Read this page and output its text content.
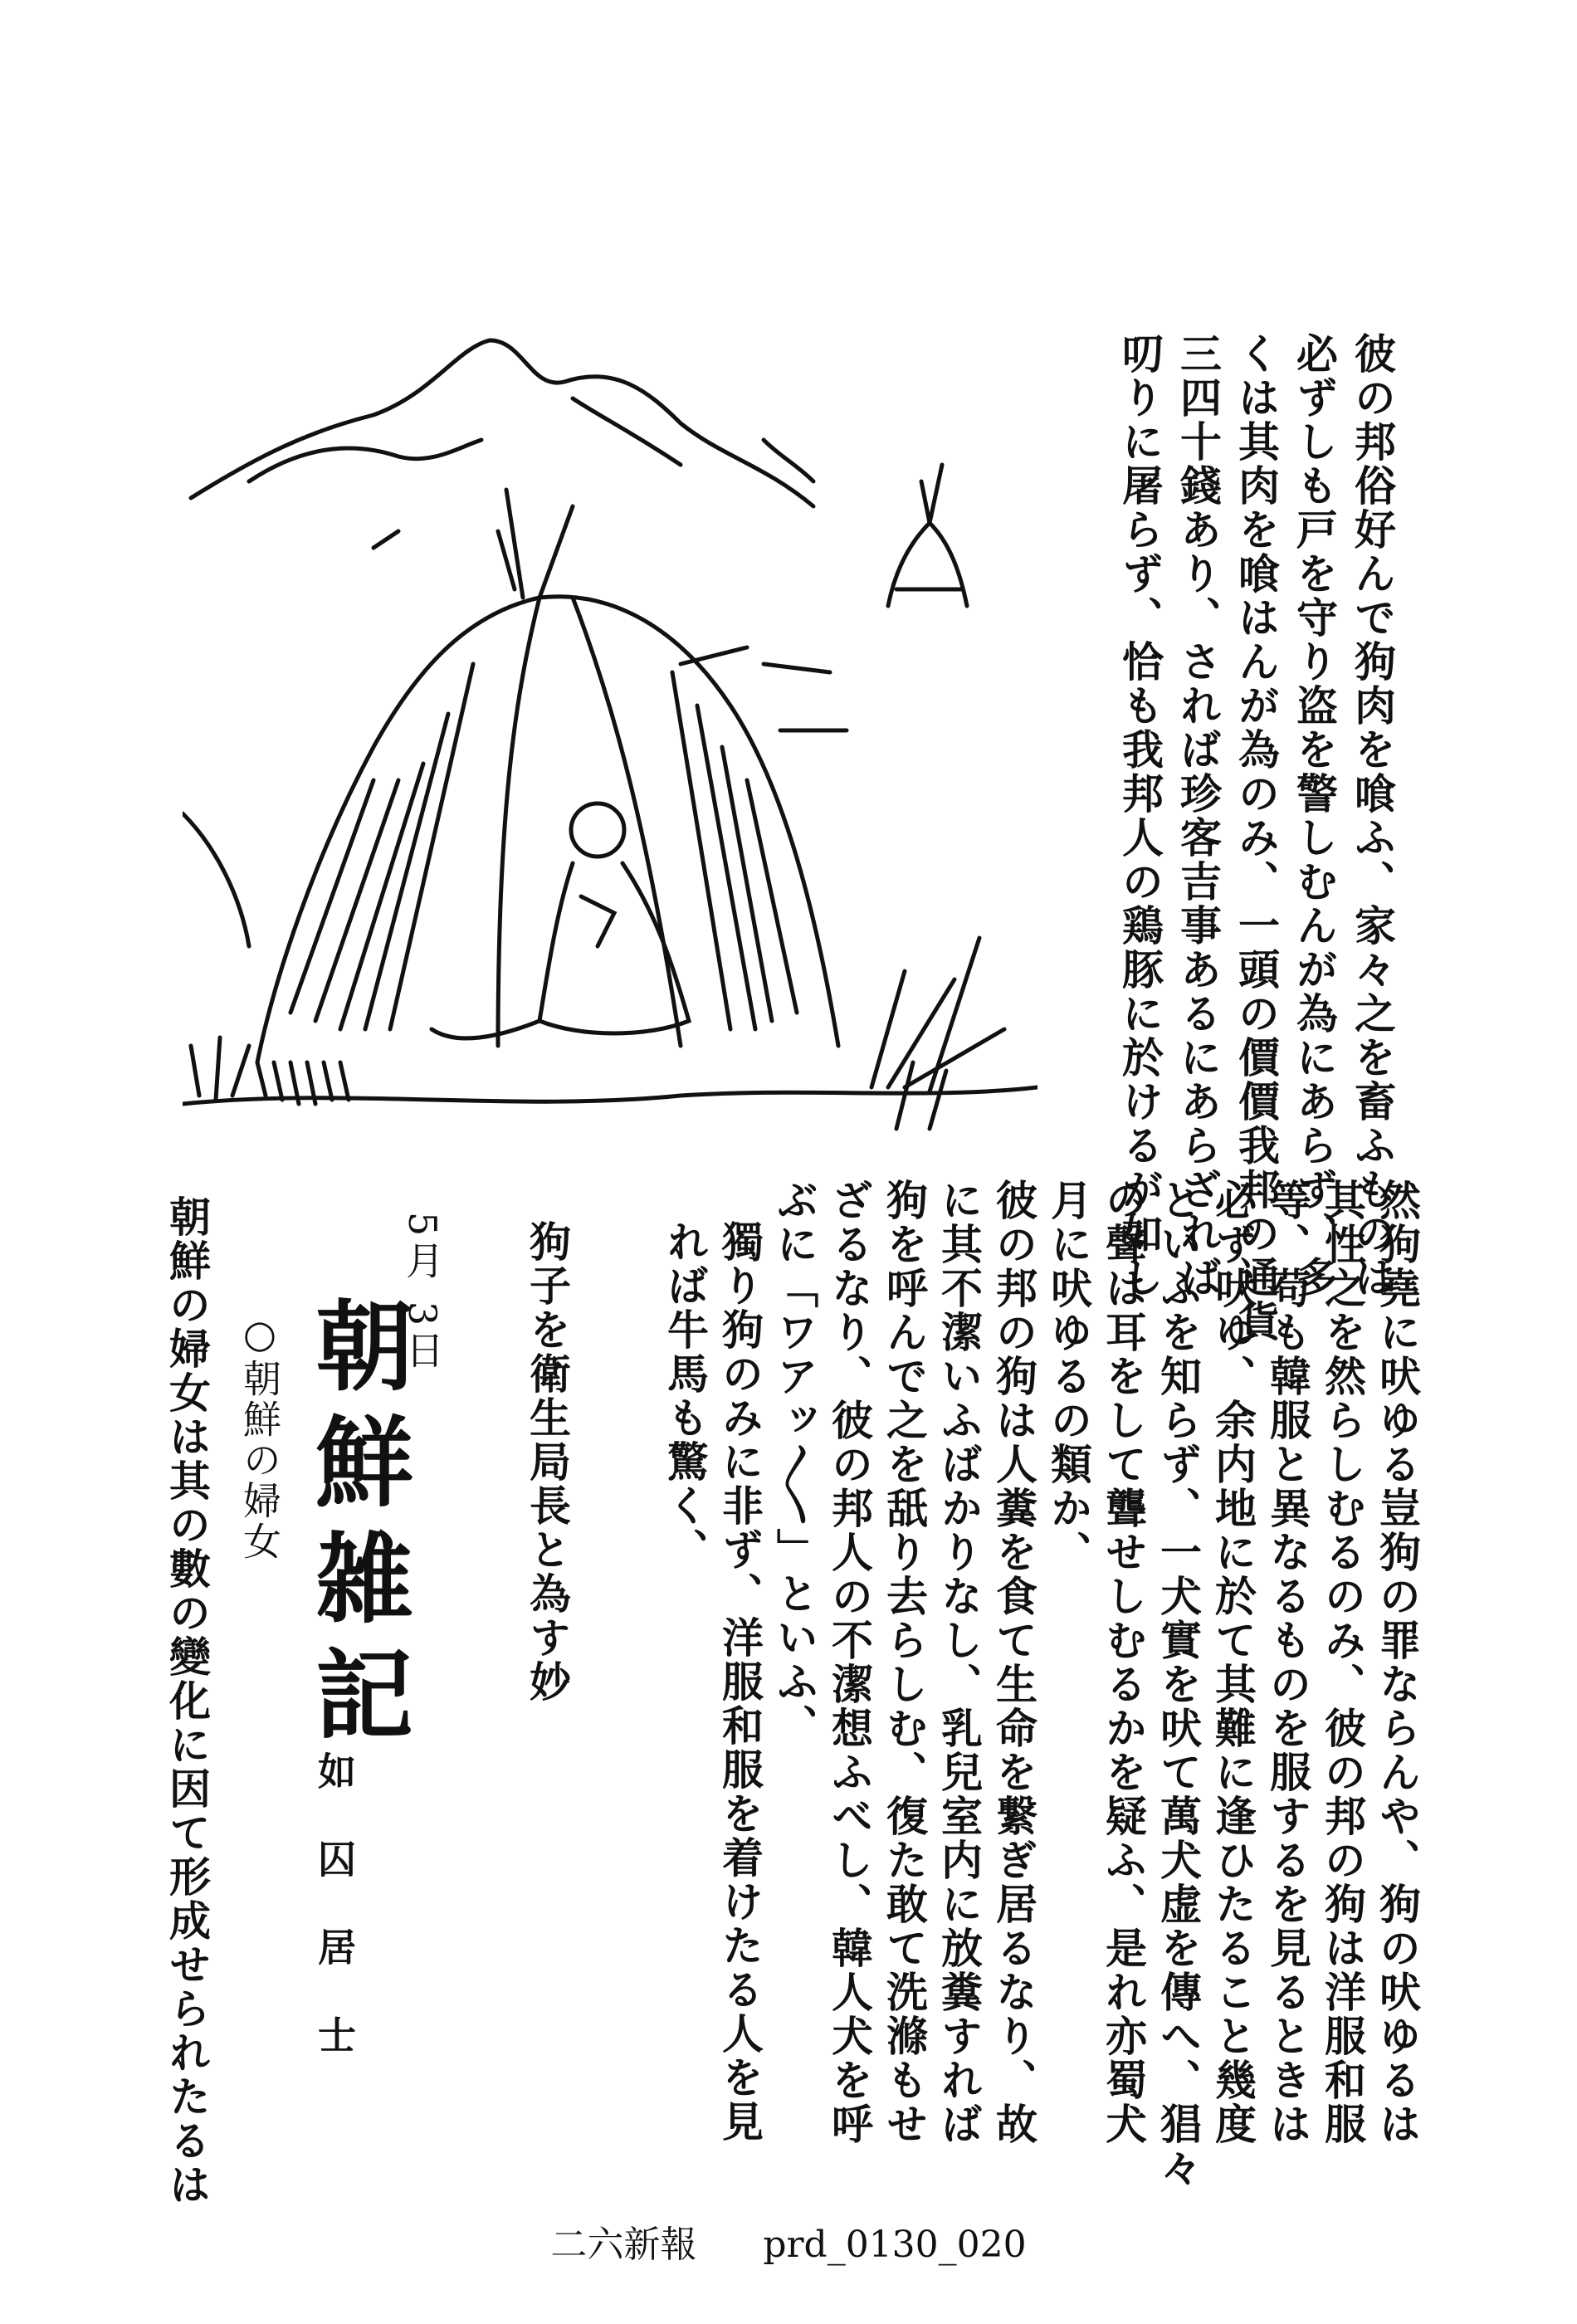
彼の邦俗好んで狗肉を喰ふ、家々之を畜ふものは
必ずしも戸を守り盗を警しむんが為にあらず、多
くは其肉を喰はんが為のみ、一頭の價價我邦の通貨
三四十錢あり、されば珍客吉事あるにあらざれば
叨りに屠らず、恰も我邦人の鶏豚に於けるが如し
然狗堯に吠ゆる豈狗の罪ならんや、狗の吠ゆるは
其性之を然らしむるのみ、彼の邦の狗は洋服和服
等、苟も韓服と異なるものを服するを見るときは
必ず吠ゆ、余内地に於て其難に逢ひたること幾度
といふを知らず、一犬實を吠て萬犬虚を傳へ、猖々
の聲は耳をして聾せしむるかを疑ふ、是れ亦蜀犬
月に吠ゆるの類か、
彼の邦の狗は人糞を食て生命を繋ぎ居るなり、故
に其不潔いふばかりなし、乳兒室内に放糞すれば
狗を呼んで之を舐り去らしむ、復た敢て洗滌もせ
ざるなり、彼の邦人の不潔想ふべし、韓人犬を呼
ぶに「ワアッ〳〵」といふ、
獨り狗のみに非ず、洋服和服を着けたる人を見
れば牛馬も驚く、
狗子を衛生局長と為す妙
5月 3日
朝鮮雑記
如囚居士
○朝鮮の婦女
朝鮮の婦女は其の數の變化に因て形成せられたるは
二六新報 prd_0130_020
